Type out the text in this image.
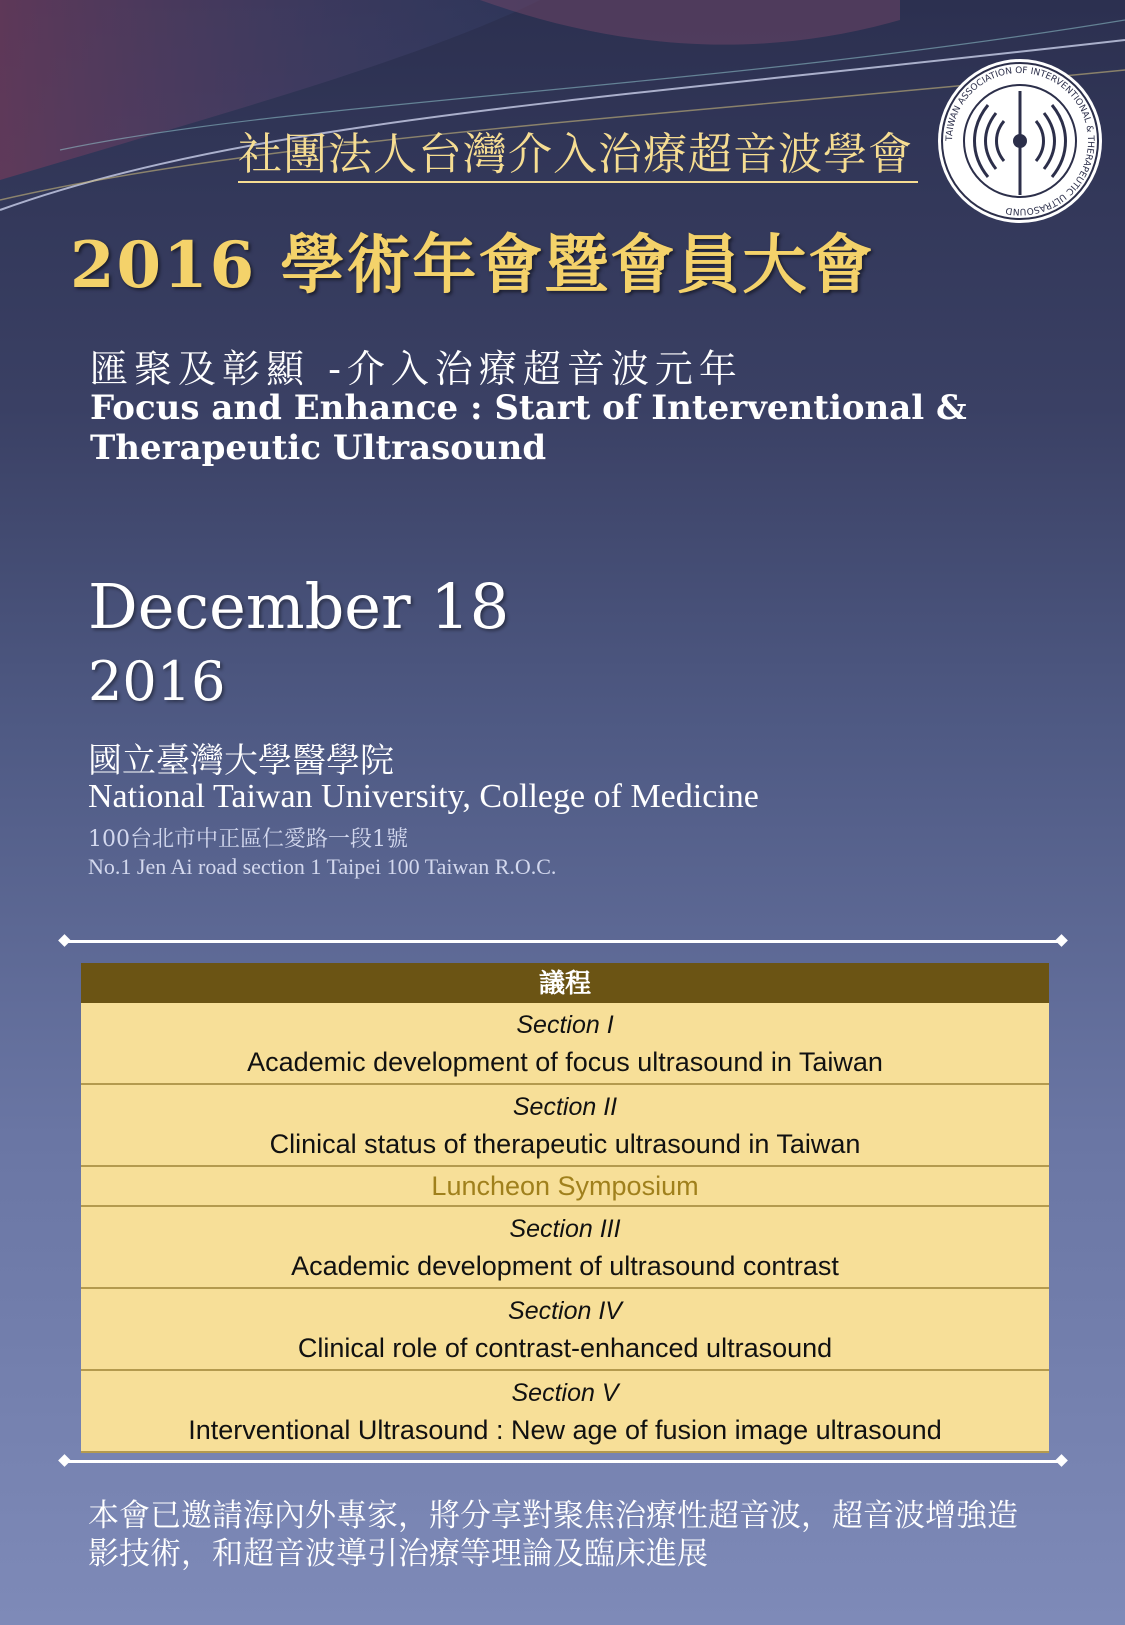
社團法人台灣介入治療超音波學會	TAIWAN ASSOCIATION OF INTERVENTIONAL & THERAPEUTIC ULTRASOUND
2016 學術年會暨會員大會
匯聚及彰顯 -介入治療超音波元年
Focus and Enhance : Start of Interventional & Therapeutic Ultrasound
December 18
2016
國立臺灣大學醫學院
National Taiwan University, College of Medicine
100台北市中正區仁愛路一段1號
No.1 Jen Ai road section 1 Taipei 100 Taiwan R.O.C.
議程
Section I
Academic development of focus ultrasound in Taiwan
Section II
Clinical status of therapeutic ultrasound in Taiwan
Luncheon Symposium
Section III
Academic development of ultrasound contrast
Section IV
Clinical role of contrast-enhanced ultrasound
Section V
Interventional Ultrasound : New age of fusion image ultrasound
本會已邀請海內外專家，將分享對聚焦治療性超音波，超音波增強造影技術，和超音波導引治療等理論及臨床進展
